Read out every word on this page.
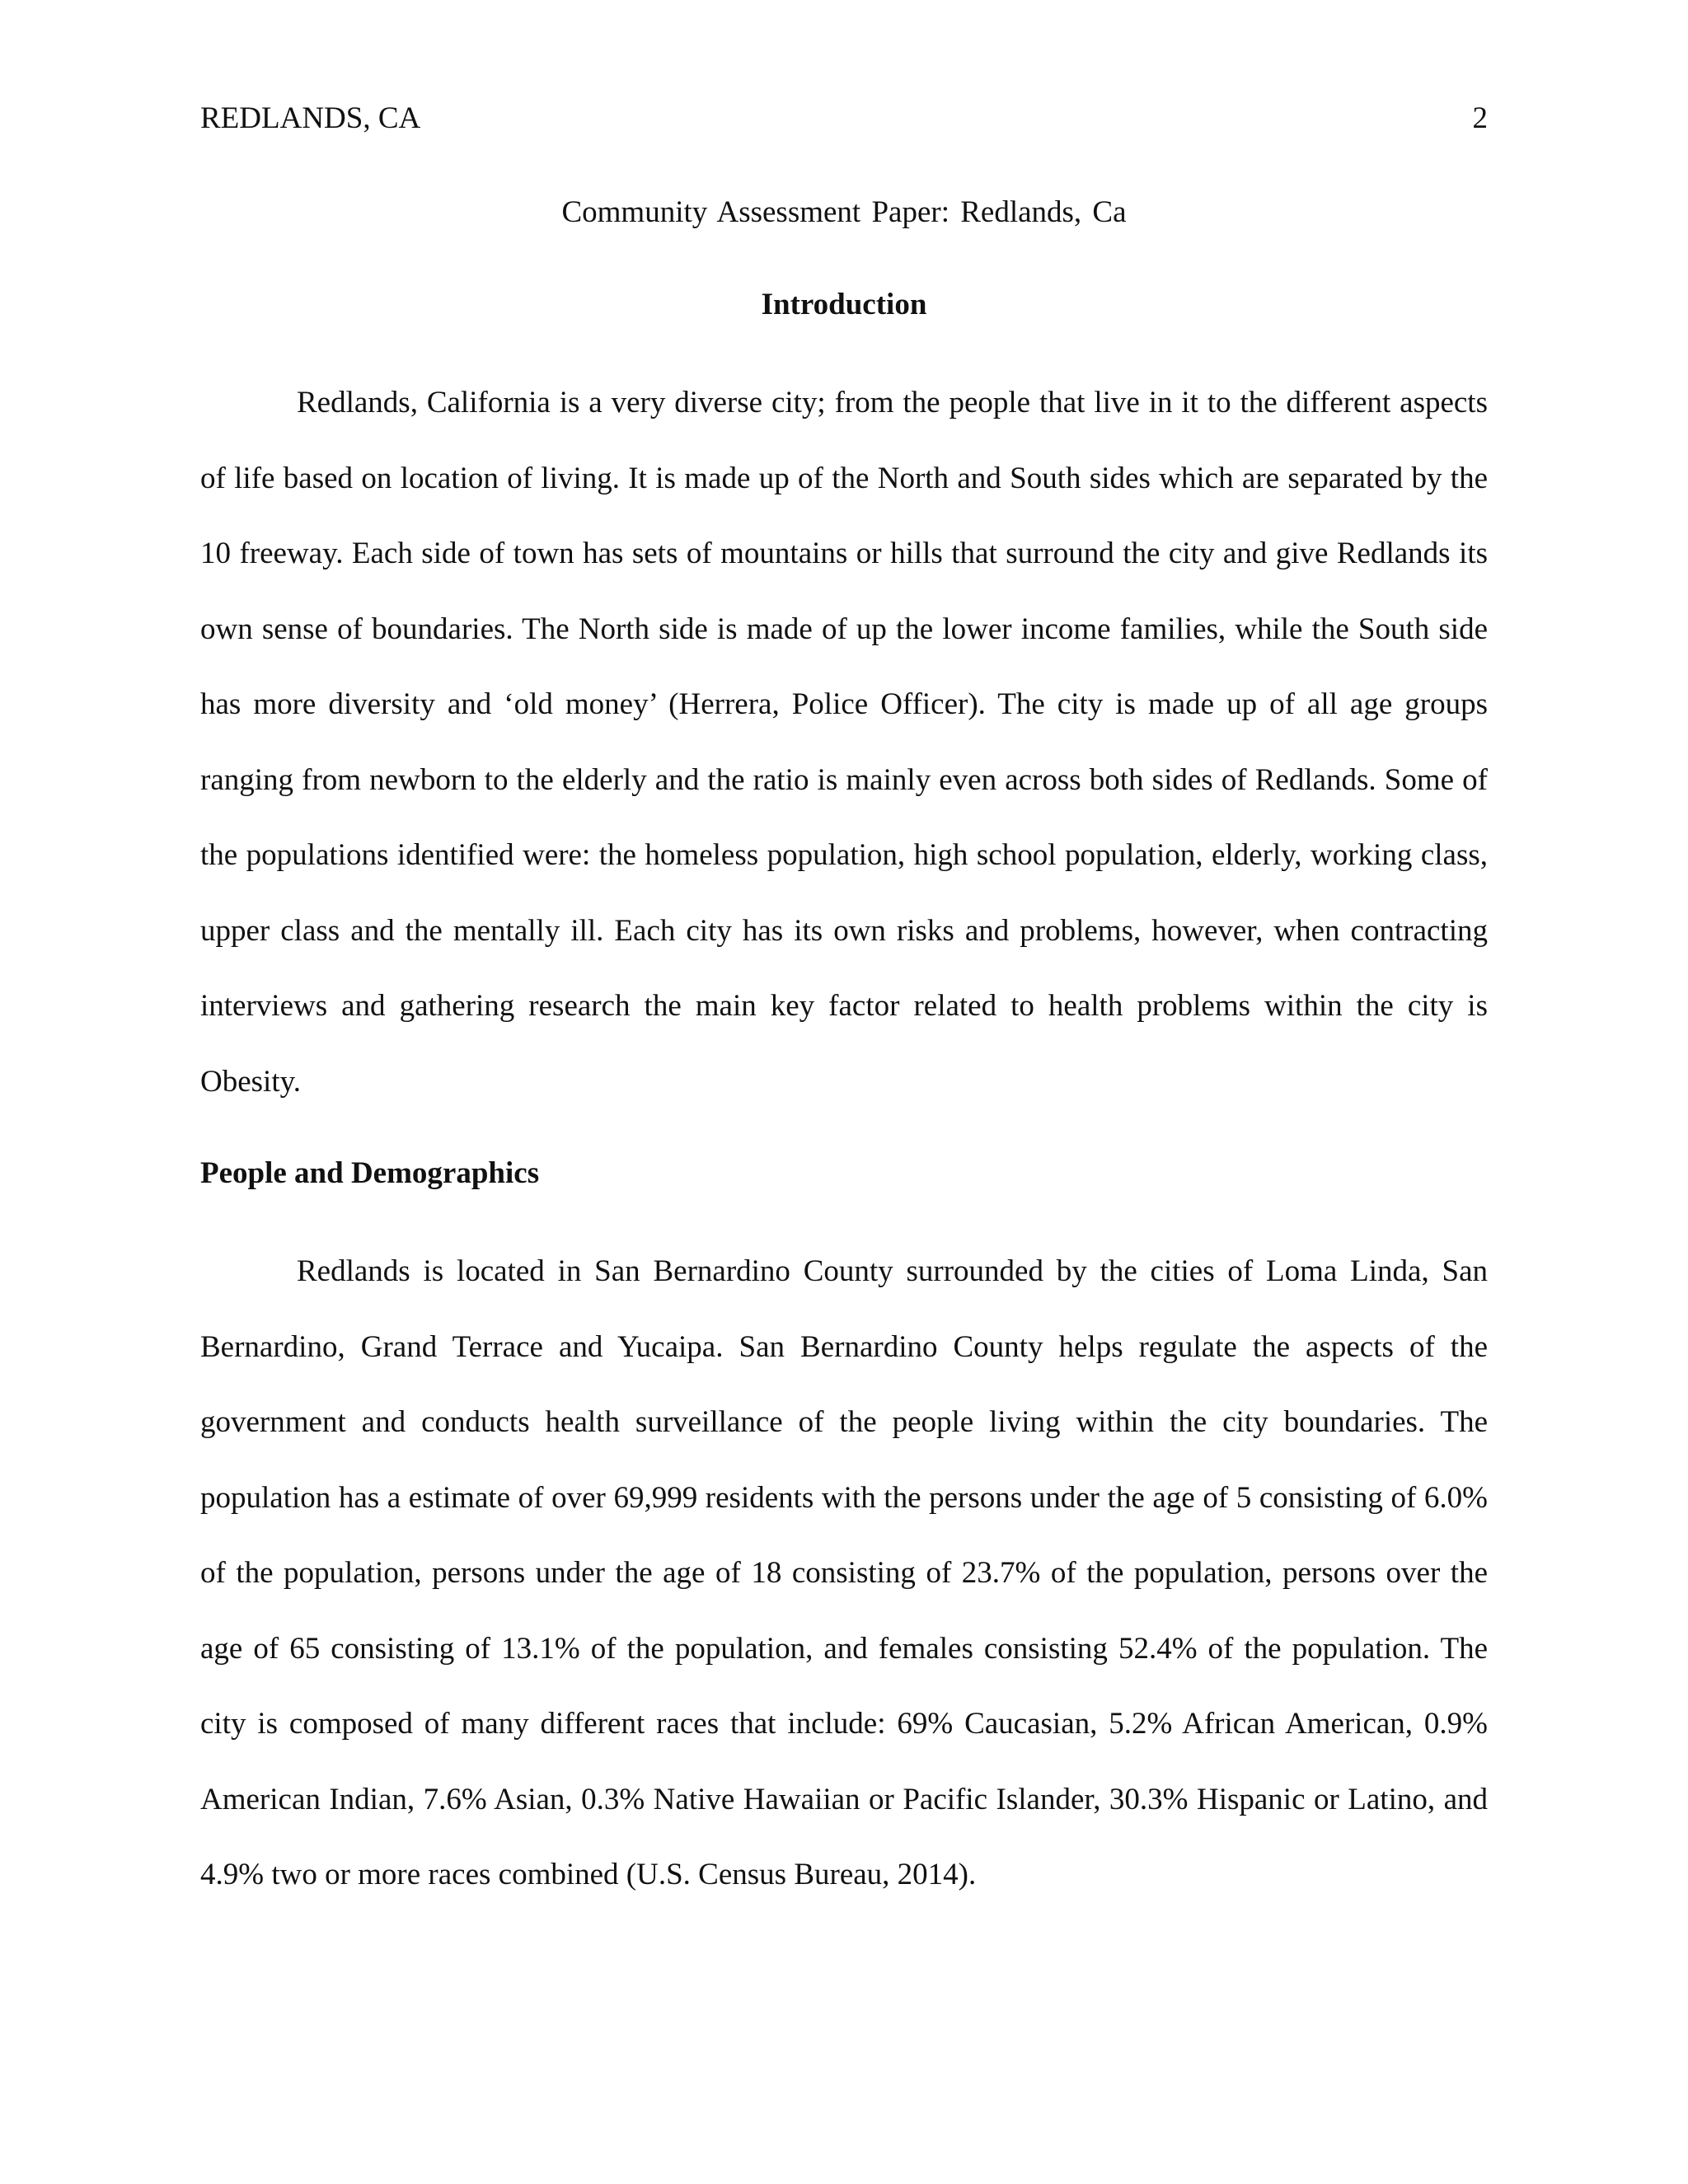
REDLANDS, CA	2
Community Assessment Paper: Redlands, Ca
Introduction

Redlands, California is a very diverse city; from the people that live in it to the different aspects of life based on location of living. It is made up of the North and South sides which are separated by the 10 freeway. Each side of town has sets of mountains or hills that surround the city and give Redlands its own sense of boundaries. The North side is made of up the lower income families, while the South side has more diversity and ‘old money’ (Herrera, Police Officer). The city is made up of all age groups ranging from newborn to the elderly and the ratio is mainly even across both sides of Redlands. Some of the populations identified were: the homeless population, high school population, elderly, working class, upper class and the mentally ill. Each city has its own risks and problems, however, when contracting interviews and gathering research the main key factor related to health problems within the city is Obesity.

People and Demographics

Redlands is located in San Bernardino County surrounded by the cities of Loma Linda, San Bernardino, Grand Terrace and Yucaipa. San Bernardino County helps regulate the aspects of the government and conducts health surveillance of the people living within the city boundaries. The population has a estimate of over 69,999 residents with the persons under the age of 5 consisting of 6.0% of the population, persons under the age of 18 consisting of 23.7% of the population, persons over the age of 65 consisting of 13.1% of the population, and females consisting 52.4% of the population. The city is composed of many different races that include: 69% Caucasian, 5.2% African American, 0.9% American Indian, 7.6% Asian, 0.3% Native Hawaiian or Pacific Islander, 30.3% Hispanic or Latino, and 4.9% two or more races combined (U.S. Census Bureau, 2014).
